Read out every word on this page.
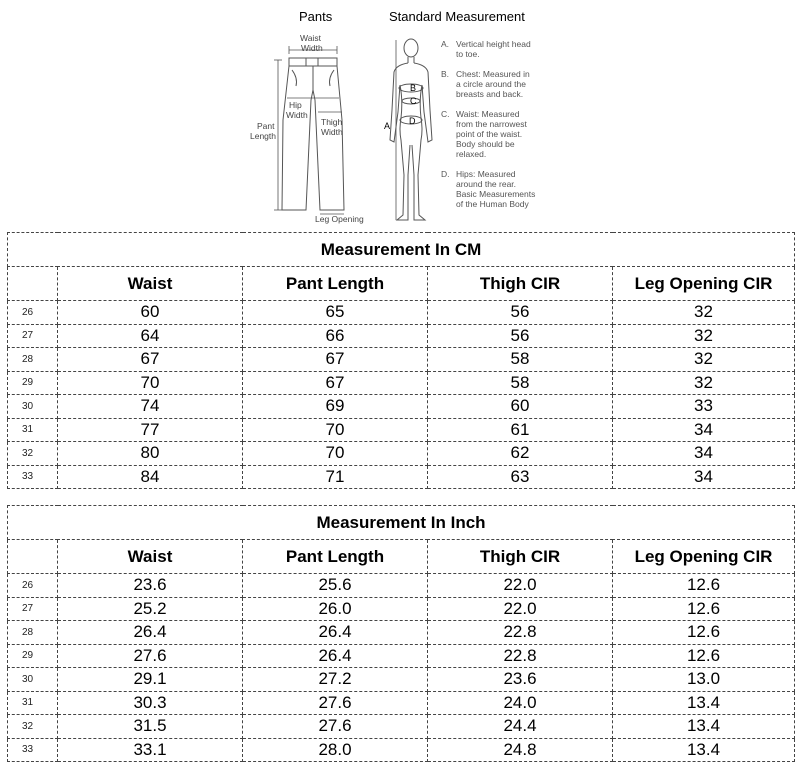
Pants	Standard Measurement
Waist
Width
Hip
Width
Thigh
Width
Pant
Length
Leg Opening
B
C
D
A
A. Vertical height head
to toe.
B. Chest: Measured in
a circle around the
breasts and back.
C. Waist: Measured
from the narrowest
point of the waist.
Body should be
relaxed.
D. Hips: Measured
around the rear.
Basic Measurements
of the Human Body
Measurement In CM				
	Waist	Pant Length	Thigh CIR	Leg Opening CIR
26	60	65	56	32
27	64	66	56	32
28	67	67	58	32
29	70	67	58	32
30	74	69	60	33
31	77	70	61	34
32	80	70	62	34
33	84	71	63	34
Measurement In Inch				
	Waist	Pant Length	Thigh CIR	Leg Opening CIR
26	23.6	25.6	22.0	12.6
27	25.2	26.0	22.0	12.6
28	26.4	26.4	22.8	12.6
29	27.6	26.4	22.8	12.6
30	29.1	27.2	23.6	13.0
31	30.3	27.6	24.0	13.4
32	31.5	27.6	24.4	13.4
33	33.1	28.0	24.8	13.4
